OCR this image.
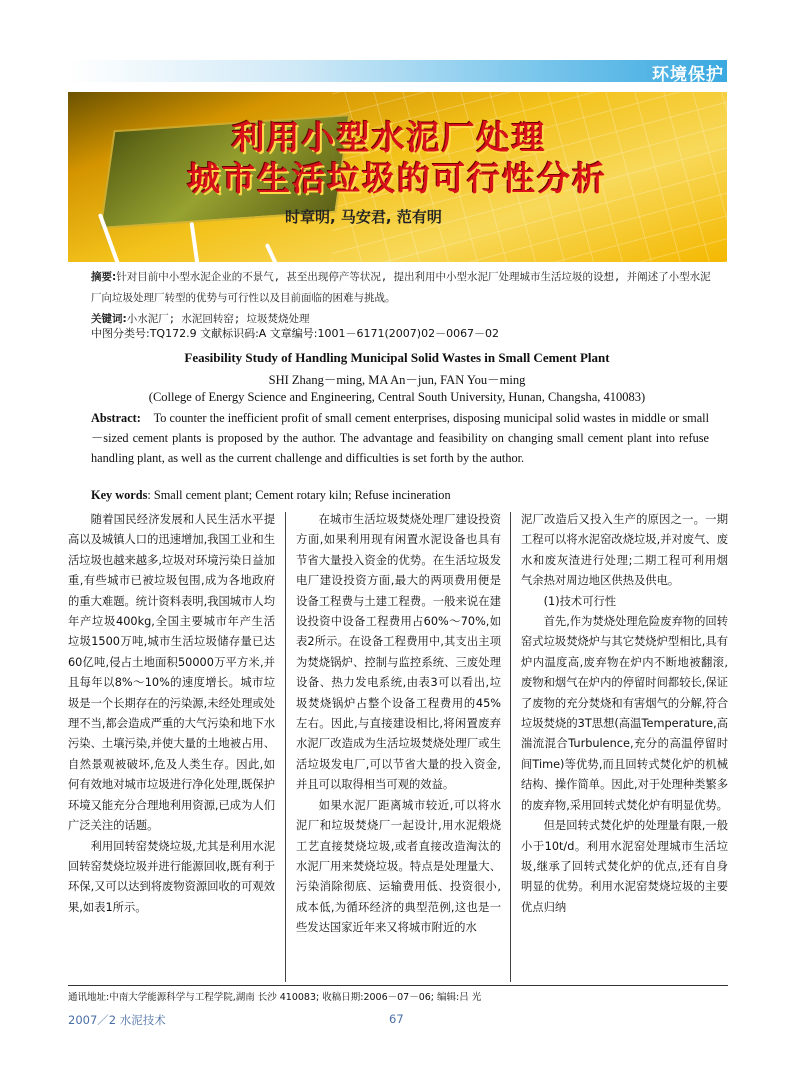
环境保护
利用小型水泥厂处理
城市生活垃圾的可行性分析
时章明, 马安君, 范有明
摘要:针对目前中小型水泥企业的不景气, 甚至出现停产等状况, 提出利用中小型水泥厂处理城市生活垃圾的设想, 并阐述了小型水泥厂向垃圾处理厂转型的优势与可行性以及目前面临的困难与挑战。
关键词:小水泥厂; 水泥回转窑; 垃圾焚烧处理
中图分类号:TQ172.9 文献标识码:A 文章编号:1001－6171(2007)02－0067－02
Feasibility Study of Handling Municipal Solid Wastes in Small Cement Plant
SHI Zhang－ming, MA An－jun, FAN You－ming
(College of Energy Science and Engineering, Central South University, Hunan, Changsha, 410083)
Abstract: To counter the inefficient profit of small cement enterprises, disposing municipal solid wastes in middle or small－sized cement plants is proposed by the author. The advantage and feasibility on changing small cement plant into refuse handling plant, as well as the current challenge and difficulties is set forth by the author.
Key words: Small cement plant; Cement rotary kiln; Refuse incineration

随着国民经济发展和人民生活水平提高以及城镇人口的迅速增加,我国工业和生活垃圾也越来越多,垃圾对环境污染日益加重,有些城市已被垃圾包围,成为各地政府的重大难题。统计资料表明,我国城市人均年产垃圾400kg,全国主要城市年产生活垃圾1500万吨,城市生活垃圾储存量已达60亿吨,侵占土地面积50000万平方米,并且每年以8%～10%的速度增长。城市垃圾是一个长期存在的污染源,未经处理或处理不当,都会造成严重的大气污染和地下水污染、土壤污染,并使大量的土地被占用、自然景观被破坏,危及人类生存。因此,如何有效地对城市垃圾进行净化处理,既保护环境又能充分合理地利用资源,已成为人们广泛关注的话题。

利用回转窑焚烧垃圾,尤其是利用水泥回转窑焚烧垃圾并进行能源回收,既有利于环保,又可以达到将废物资源回收的可观效果,如表1所示。

在城市生活垃圾焚烧处理厂建设投资方面,如果利用现有闲置水泥设备也具有节省大量投入资金的优势。在生活垃圾发电厂建设投资方面,最大的两项费用便是设备工程费与土建工程费。一般来说在建设投资中设备工程费用占60%～70%,如表2所示。在设备工程费用中,其支出主项为焚烧锅炉、控制与监控系统、三废处理设备、热力发电系统,由表3可以看出,垃圾焚烧锅炉占整个设备工程费用的45%左右。因此,与直接建设相比,将闲置废弃水泥厂改造成为生活垃圾焚烧处理厂或生活垃圾发电厂,可以节省大量的投入资金,并且可以取得相当可观的效益。

如果水泥厂距离城市较近,可以将水泥厂和垃圾焚烧厂一起设计,用水泥煅烧工艺直接焚烧垃圾,或者直接改造淘汰的水泥厂用来焚烧垃圾。特点是处理量大、污染消除彻底、运输费用低、投资很小,成本低,为循环经济的典型范例,这也是一些发达国家近年来又将城市附近的水

泥厂改造后又投入生产的原因之一。一期工程可以将水泥窑改烧垃圾,并对废气、废水和废灰渣进行处理;二期工程可利用烟气余热对周边地区供热及供电。

(1)技术可行性

首先,作为焚烧处理危险废弃物的回转窑式垃圾焚烧炉与其它焚烧炉型相比,具有炉内温度高,废弃物在炉内不断地被翻滚,废物和烟气在炉内的停留时间都较长,保证了废物的充分焚烧和有害烟气的分解,符合垃圾焚烧的3T思想(高温Temperature,高湍流混合Turbulence,充分的高温停留时间Time)等优势,而且回转式焚化炉的机械结构、操作简单。因此,对于处理种类繁多的废弃物,采用回转式焚化炉有明显优势。

但是回转式焚化炉的处理量有限,一般小于10t/d。利用水泥窑处理城市生活垃圾,继承了回转式焚化炉的优点,还有自身明显的优势。利用水泥窑焚烧垃圾的主要优点归纳

通讯地址:中南大学能源科学与工程学院,湖南 长沙 410083; 收稿日期:2006－07－06; 编辑:吕 光
2007／2 水泥技术	67
